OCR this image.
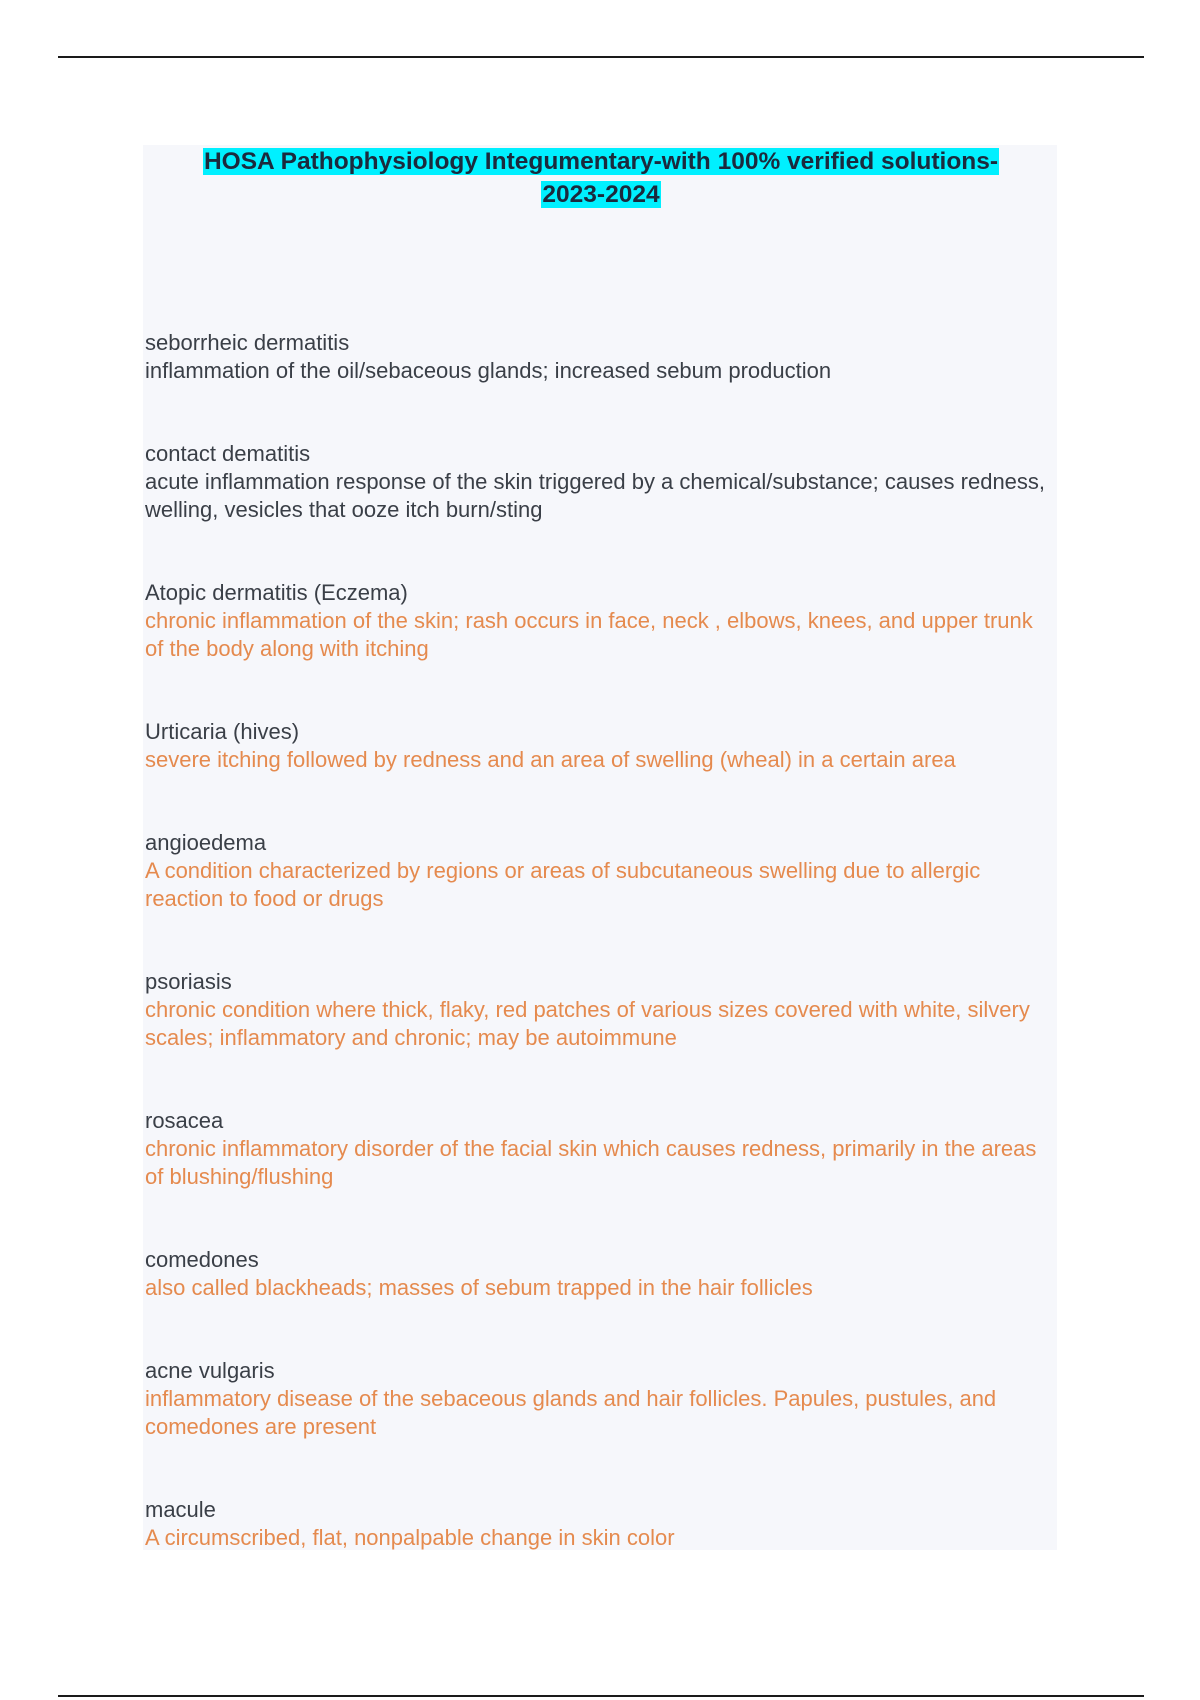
HOSA Pathophysiology Integumentary-with 100% verified solutions-
2023-2024
seborrheic dermatitis
inflammation of the oil/sebaceous glands; increased sebum production
contact dematitis
acute inflammation response of the skin triggered by a chemical/substance; causes redness, welling, vesicles that ooze itch burn/sting
Atopic dermatitis (Eczema)
chronic inflammation of the skin; rash occurs in face, neck , elbows, knees, and upper trunk of the body along with itching
Urticaria (hives)
severe itching followed by redness and an area of swelling (wheal) in a certain area
angioedema
A condition characterized by regions or areas of subcutaneous swelling due to allergic reaction to food or drugs
psoriasis
chronic condition where thick, flaky, red patches of various sizes covered with white, silvery scales; inflammatory and chronic; may be autoimmune
rosacea
chronic inflammatory disorder of the facial skin which causes redness, primarily in the areas of blushing/flushing
comedones
also called blackheads; masses of sebum trapped in the hair follicles
acne vulgaris
inflammatory disease of the sebaceous glands and hair follicles. Papules, pustules, and comedones are present
macule
A circumscribed, flat, nonpalpable change in skin color
